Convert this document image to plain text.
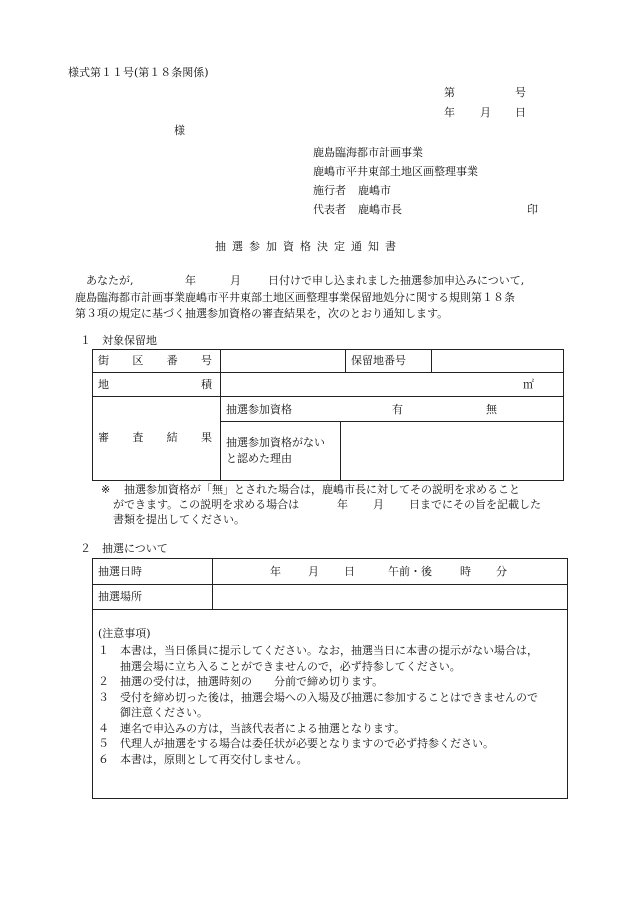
様式第１１号(第１８条関係)
第	号
年 月 日
様
鹿島臨海都市計画事業
鹿嶋市平井東部土地区画整理事業
施行者 鹿嶋市
代表者 鹿嶋市長	印
抽選参加資格決定通知書
あなたが,	年	月 日付けで申し込まれました抽選参加申込みについて,
鹿島臨海都市計画事業鹿嶋市平井東部土地区画整理事業保留地処分に関する規則第１８条
第３項の規定に基づく抽選参加資格の審査結果を，次のとおり通知します。
１　対象保留地
街 区 番 号	保留地番号
地	積	㎡
審 査 結 果
抽選参加資格	有	無
抽選参加資格がない
と認めた理由
※ 抽選参加資格が「無」とされた場合は，鹿嶋市長に対してその説明を求めること
ができます。この説明を求める場合は	年 月 日までにその旨を記載した
書類を提出してください。
２　抽選について
抽選日時	年 月 日	午前・後	時 分
抽選場所
(注意事項)
１	本書は，当日係員に提示してください。なお，抽選当日に本書の提示がない場合は，
抽選会場に立ち入ることができませんので，必ず持参してください。
２	抽選の受付は，抽選時刻の　　分前で締め切ります。
３	受付を締め切った後は，抽選会場への入場及び抽選に参加することはできませんので
御注意ください。
４	連名で申込みの方は，当該代表者による抽選となります。
５	代理人が抽選をする場合は委任状が必要となりますので必ず持参ください。
６	本書は，原則として再交付しません。
